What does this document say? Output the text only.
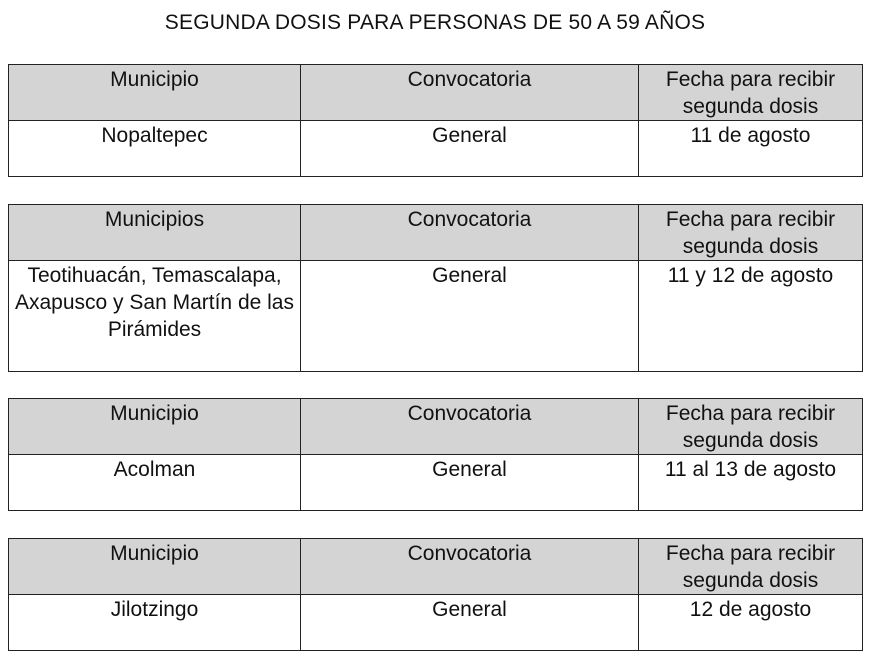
SEGUNDA DOSIS PARA PERSONAS DE 50 A 59 AÑOS
Municipio	Convocatoria	Fecha para recibir segunda dosis
Nopaltepec	General	11 de agosto
Municipios	Convocatoria	Fecha para recibir segunda dosis
Teotihuacán, Temascalapa, Axapusco y San Martín de las Pirámides	General	11 y 12 de agosto
Municipio	Convocatoria	Fecha para recibir segunda dosis
Acolman	General	11 al 13 de agosto
Municipio	Convocatoria	Fecha para recibir segunda dosis
Jilotzingo	General	12 de agosto
